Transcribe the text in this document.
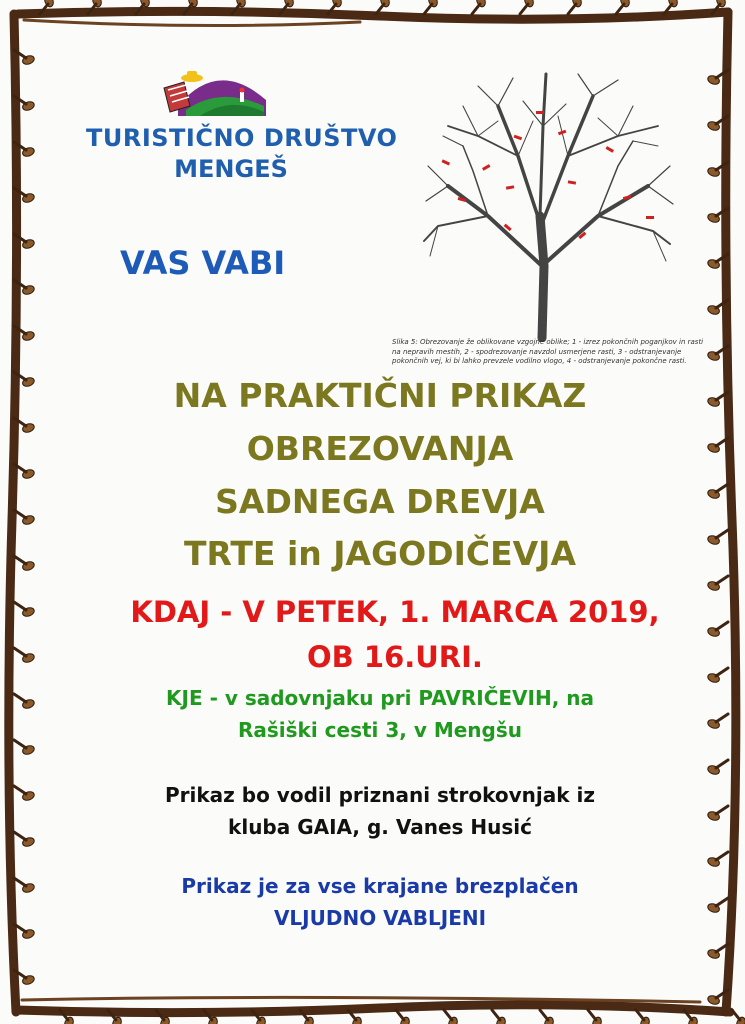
TURISTIČNO DRUŠTVO
MENGEŠ
VAS VABI
Slika 5: Obrezovanje že oblikovane vzgojne oblike; 1 - izrez pokončnih poganjkov in rasti na nepravih mestih, 2 - spodrezovanje navzdol usmerjene rasti, 3 - odstranjevanje pokončnih vej, ki bi lahko prevzele vodilno vlogo, 4 - odstranjevanje pokončne rasti.
NA PRAKTIČNI PRIKAZ
OBREZOVANJA
SADNEGA DREVJA
TRTE in JAGODIČEVJA
KDAJ - V PETEK, 1. MARCA 2019,
OB 16.URI.
KJE - v sadovnjaku pri PAVRIČEVIH, na
Rašiški cesti 3, v Mengšu
Prikaz bo vodil priznani strokovnjak iz
kluba GAIA, g. Vanes Husić
Prikaz je za vse krajane brezplačen
VLJUDNO VABLJENI
